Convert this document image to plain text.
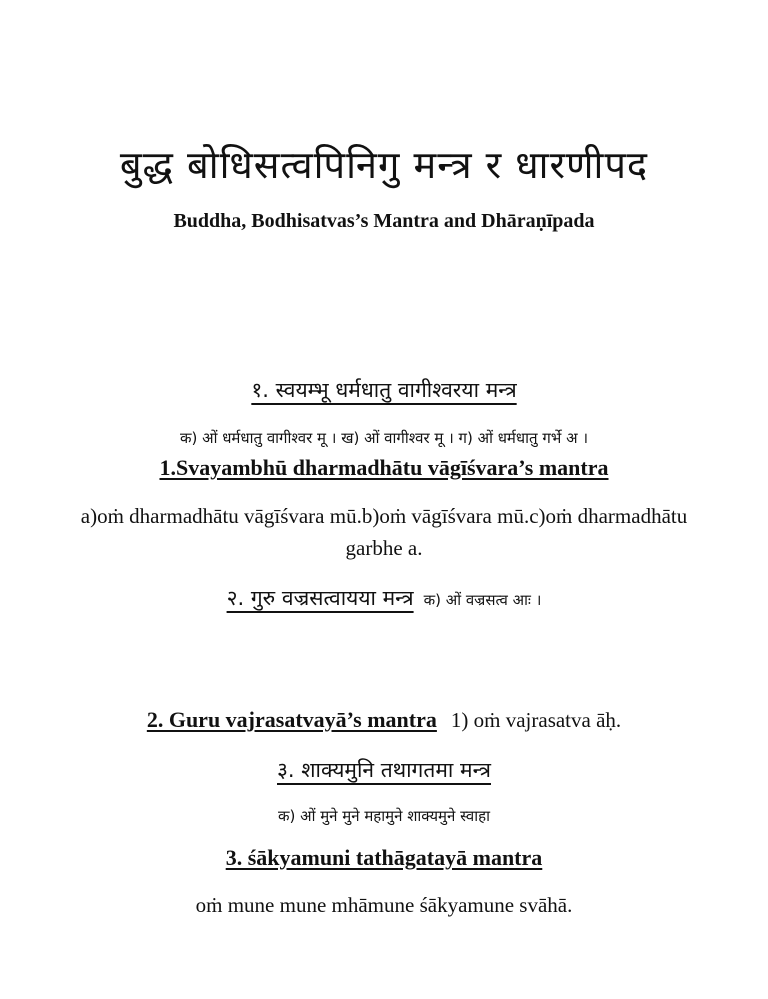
बुद्ध बोधिसत्वपिनिगु मन्त्र र धारणीपद
Buddha, Bodhisatvas’s Mantra and Dhāraṇīpada
१. स्वयम्भू धर्मधातु वागीश्वरया मन्त्र
क) ओं धर्मधातु वागीश्वर मू । ख) ओं वागीश्वर मू । ग) ओं धर्मधातु गर्भे अ ।
1.Svayambhū dharmadhātu vāgīśvara’s mantra
a)oṁ dharmadhātu vāgīśvara mū.b)oṁ vāgīśvara mū.c)oṁ dharmadhātu garbhe a.
२. गुरु वज्रसत्वायया मन्त्र क) ओं वज्रसत्व आः ।
2. Guru vajrasatvayā’s mantra 1) oṁ vajrasatva āḥ.
३. शाक्यमुनि तथागतमा मन्त्र
क) ओं मुने मुने महामुने शाक्यमुने स्वाहा
3. śākyamuni tathāgatayā mantra
oṁ mune mune mhāmune śākyamune svāhā.
